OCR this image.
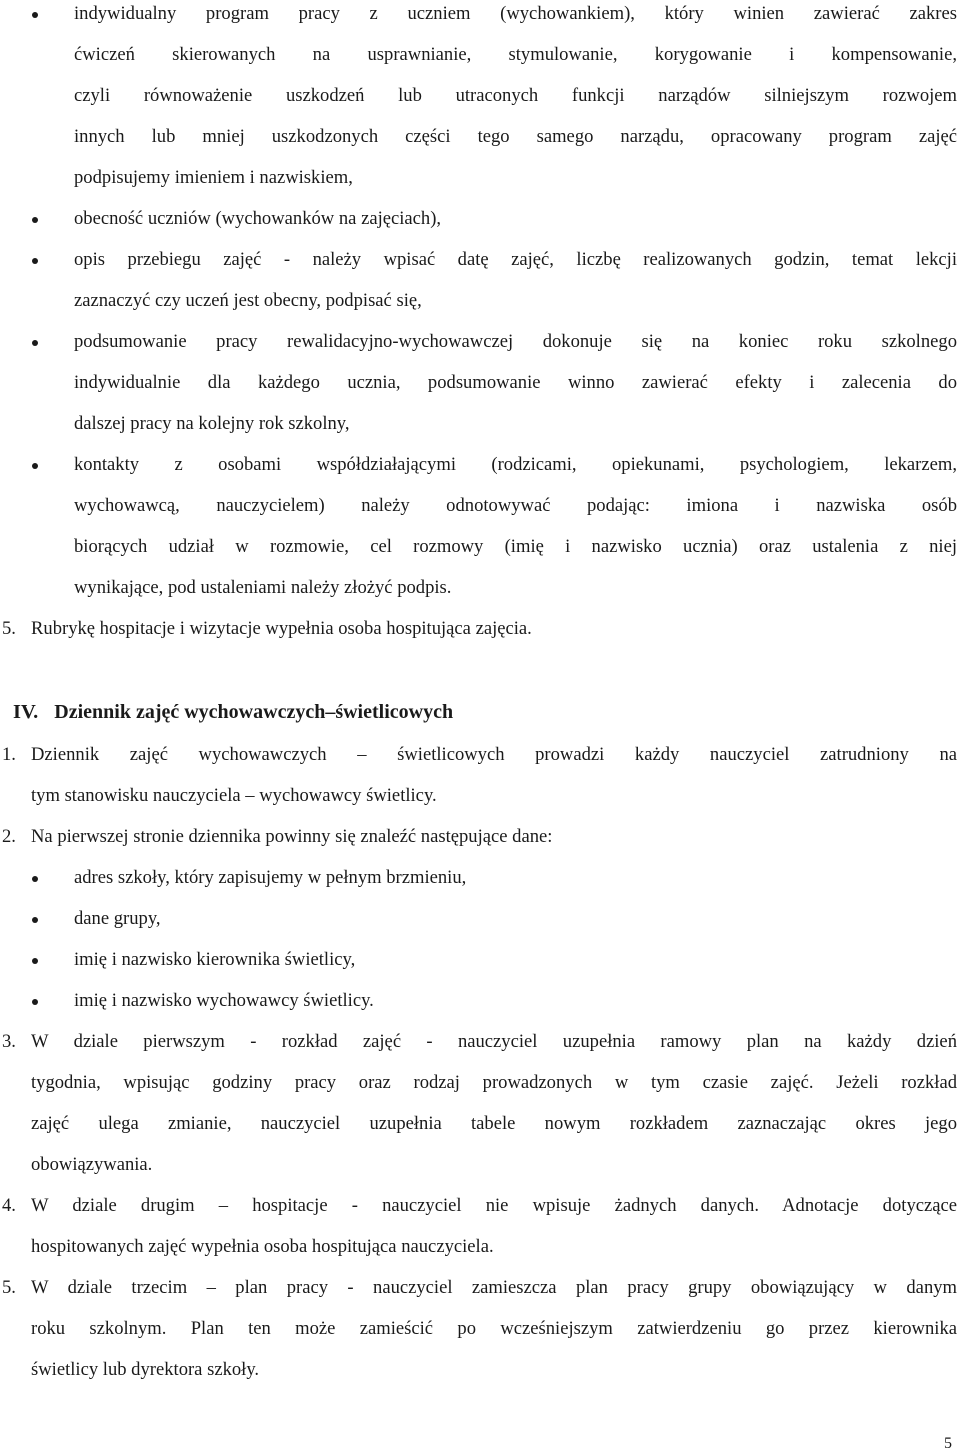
indywidualny program pracy z uczniem (wychowankiem), który winien zawierać zakres
ćwiczeń skierowanych na usprawnianie, stymulowanie, korygowanie i kompensowanie,
czyli równoważenie uszkodzeń lub utraconych funkcji narządów silniejszym rozwojem
innych lub mniej uszkodzonych części tego samego narządu, opracowany program zajęć
podpisujemy imieniem i nazwiskiem,
obecność uczniów (wychowanków na zajęciach),
opis przebiegu zajęć - należy wpisać datę zajęć, liczbę realizowanych godzin, temat lekcji
zaznaczyć czy uczeń jest obecny, podpisać się,
podsumowanie pracy rewalidacyjno-wychowawczej dokonuje się na koniec roku szkolnego
indywidualnie dla każdego ucznia, podsumowanie winno zawierać efekty i zalecenia do
dalszej pracy na kolejny rok szkolny,
kontakty z osobami współdziałającymi (rodzicami, opiekunami, psychologiem, lekarzem,
wychowawcą, nauczycielem) należy odnotowywać podając: imiona i nazwiska osób
biorących udział w rozmowie, cel rozmowy (imię i nazwisko ucznia) oraz ustalenia z niej
wynikające, pod ustaleniami należy złożyć podpis.
5. Rubrykę hospitacje i wizytacje wypełnia osoba hospitująca zajęcia.
IV. Dziennik zajęć wychowawczych–świetlicowych
1. Dziennik zajęć wychowawczych – świetlicowych prowadzi każdy nauczyciel zatrudniony na
tym stanowisku nauczyciela – wychowawcy świetlicy.
2. Na pierwszej stronie dziennika powinny się znaleźć następujące dane:
adres szkoły, który zapisujemy w pełnym brzmieniu,
dane grupy,
imię i nazwisko kierownika świetlicy,
imię i nazwisko wychowawcy świetlicy.
3. W dziale pierwszym - rozkład zajęć - nauczyciel uzupełnia ramowy plan na każdy dzień
tygodnia, wpisując godziny pracy oraz rodzaj prowadzonych w tym czasie zajęć. Jeżeli rozkład
zajęć ulega zmianie, nauczyciel uzupełnia tabele nowym rozkładem zaznaczając okres jego
obowiązywania.
4. W dziale drugim – hospitacje - nauczyciel nie wpisuje żadnych danych. Adnotacje dotyczące
hospitowanych zajęć wypełnia osoba hospitująca nauczyciela.
5. W dziale trzecim – plan pracy - nauczyciel zamieszcza plan pracy grupy obowiązujący w danym
roku szkolnym. Plan ten może zamieścić po wcześniejszym zatwierdzeniu go przez kierownika
świetlicy lub dyrektora szkoły.
5
